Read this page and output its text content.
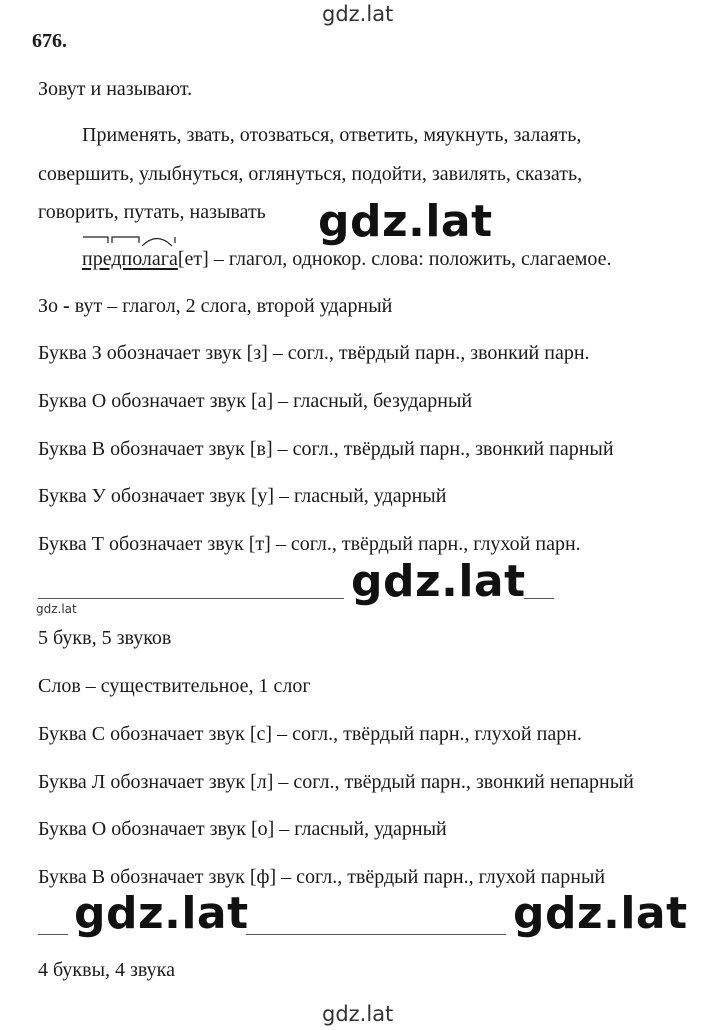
gdz.lat
gdz.lat
gdz.lat
gdz.lat
gdz.lat	gdz.lat
gdz.lat
676.
Зовут и называют.
Применять, звать, отозваться, ответить, мяукнуть, залаять,
совершить, улыбнуться, оглянуться, подойти, завилять, сказать,
говорить, путать, называть
предполага[ет] – глагол, однокор. слова: положить, слагаемое.
Зо - вут – глагол, 2 слога, второй ударный
Буква З обозначает звук [з] – согл., твёрдый парн., звонкий парн.
Буква О обозначает звук [а] – гласный, безударный
Буква В обозначает звук [в] – согл., твёрдый парн., звонкий парный
Буква У обозначает звук [у] – гласный, ударный
Буква Т обозначает звук [т] – согл., твёрдый парн., глухой парн.
5 букв, 5 звуков
Слов – существительное, 1 слог
Буква С обозначает звук [с] – согл., твёрдый парн., глухой парн.
Буква Л обозначает звук [л] – согл., твёрдый парн., звонкий непарный
Буква О обозначает звук [о] – гласный, ударный
Буква В обозначает звук [ф] – согл., твёрдый парн., глухой парный
4 буквы, 4 звука
